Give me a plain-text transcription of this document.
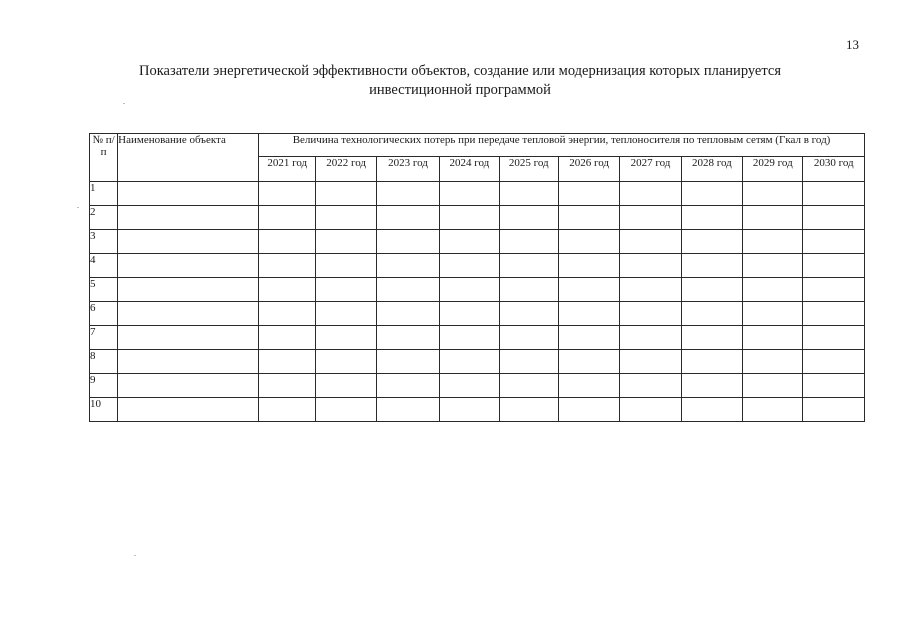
13
Показатели энергетической эффективности объектов, создание или модернизация которых планируется
инвестиционной программой
№ п/п	Наименование объекта	Величина технологических потерь при передаче тепловой энергии, теплоносителя по тепловым сетям (Гкал в год)									
		2021 год	2022 год	2023 год	2024 год	2025 год	2026 год	2027 год	2028 год	2029 год	2030 год
1											
2											
3											
4											
5											
6											
7											
8											
9											
10											
